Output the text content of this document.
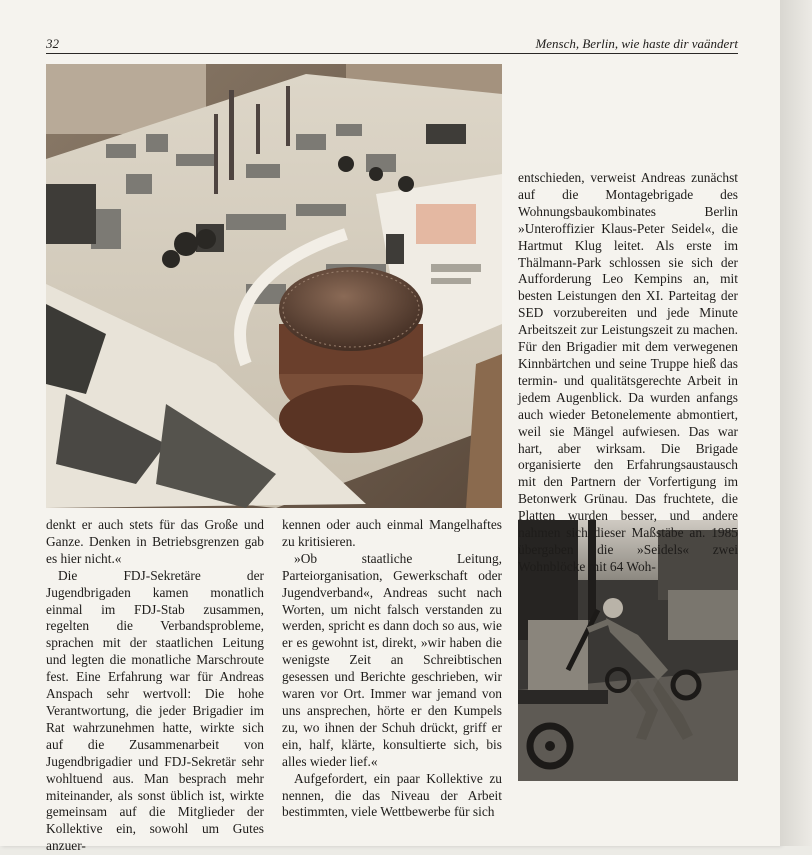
32	Mensch, Berlin, wie haste dir vaändert

denkt er auch stets für das Große und Ganze. Denken in Betriebsgrenzen gab es hier nicht.«

Die FDJ-Sekretäre der Jugendbrigaden kamen monatlich einmal im FDJ-Stab zusammen, regelten die Verbandsprobleme, sprachen mit der staatlichen Leitung und legten die monatliche Marschroute fest. Eine Erfahrung war für Andreas Anspach sehr wertvoll: Die hohe Verantwortung, die jeder Brigadier im Rat wahrzunehmen hatte, wirkte sich auf die Zusammenarbeit von Jugendbrigadier und FDJ-Sekretär sehr wohltuend aus. Man besprach mehr miteinander, als sonst üblich ist, wirkte gemeinsam auf die Mitglieder der Kollektive ein, sowohl um Gutes anzuer-

kennen oder auch einmal Mangelhaftes zu kritisieren.

»Ob staatliche Leitung, Parteiorganisation, Gewerkschaft oder Jugendverband«, Andreas sucht nach Worten, um nicht falsch verstanden zu werden, spricht es dann doch so aus, wie er es gewohnt ist, direkt, »wir haben die wenigste Zeit an Schreibtischen gesessen und Berichte geschrieben, wir waren vor Ort. Immer war jemand von uns ansprechen, hörte er den Kumpels zu, wo ihnen der Schuh drückt, griff er ein, half, klärte, konsultierte sich, bis alles wieder lief.«

Aufgefordert, ein paar Kollektive zu nennen, die das Niveau der Arbeit bestimmten, viele Wettbewerbe für sich

entschieden, verweist Andreas zunächst auf die Montagebrigade des Wohnungsbaukombinates Berlin »Unteroffizier Klaus-Peter Seidel«, die Hartmut Klug leitet. Als erste im Thälmann-Park schlossen sie sich der Aufforderung Leo Kempins an, mit besten Leistungen den XI. Parteitag der SED vorzubereiten und jede Minute Arbeitszeit zur Leistungszeit zu machen. Für den Brigadier mit dem verwegenen Kinnbärtchen und seine Truppe hieß das termin- und qualitätsgerechte Arbeit in jedem Augenblick. Da wurden anfangs auch wieder Betonelemente abmontiert, weil sie Mängel aufwiesen. Das war hart, aber wirksam. Die Brigade organisierte den Erfahrungsaustausch mit den Partnern der Vorfertigung im Betonwerk Grünau. Das fruchtete, die Platten wurden besser, und andere nahmen sich dieser Maßstäbe an. 1985 übergaben die »Seidels« zwei Wohnblöcke mit 64 Woh-
